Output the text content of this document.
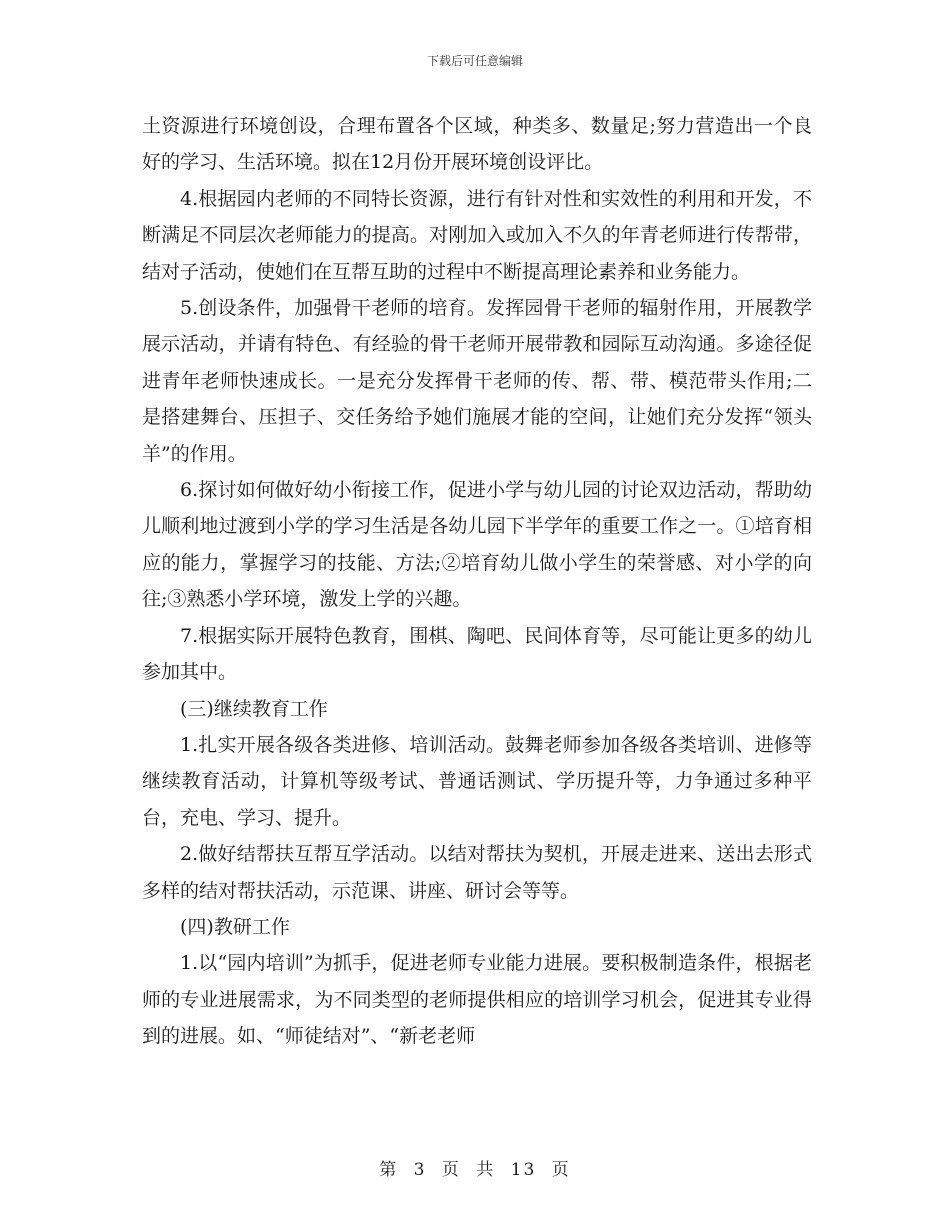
下载后可任意编辑

土资源进行环境创设，合理布置各个区域，种类多、数量足;努力营造出一个良好的学习、生活环境。拟在12月份开展环境创设评比。

4.根据园内老师的不同特长资源，进行有针对性和实效性的利用和开发，不断满足不同层次老师能力的提高。对刚加入或加入不久的年青老师进行传帮带，结对子活动，使她们在互帮互助的过程中不断提高理论素养和业务能力。

5.创设条件，加强骨干老师的培育。发挥园骨干老师的辐射作用，开展教学展示活动，并请有特色、有经验的骨干老师开展带教和园际互动沟通。多途径促进青年老师快速成长。一是充分发挥骨干老师的传、帮、带、模范带头作用;二是搭建舞台、压担子、交任务给予她们施展才能的空间，让她们充分发挥“领头羊”的作用。

6.探讨如何做好幼小衔接工作，促进小学与幼儿园的讨论双边活动，帮助幼儿顺利地过渡到小学的学习生活是各幼儿园下半学年的重要工作之一。①培育相应的能力，掌握学习的技能、方法;②培育幼儿做小学生的荣誉感、对小学的向往;③熟悉小学环境，激发上学的兴趣。

7.根据实际开展特色教育，围棋、陶吧、民间体育等，尽可能让更多的幼儿参加其中。

(三)继续教育工作

1.扎实开展各级各类进修、培训活动。鼓舞老师参加各级各类培训、进修等继续教育活动，计算机等级考试、普通话测试、学历提升等，力争通过多种平台，充电、学习、提升。

2.做好结帮扶互帮互学活动。以结对帮扶为契机，开展走进来、送出去形式多样的结对帮扶活动，示范课、讲座、研讨会等等。

(四)教研工作

1.以“园内培训”为抓手，促进老师专业能力进展。要积极制造条件，根据老师的专业进展需求，为不同类型的老师提供相应的培训学习机会，促进其专业得到的进展。如、“师徒结对”、“新老老师

第 3 页 共 13 页
